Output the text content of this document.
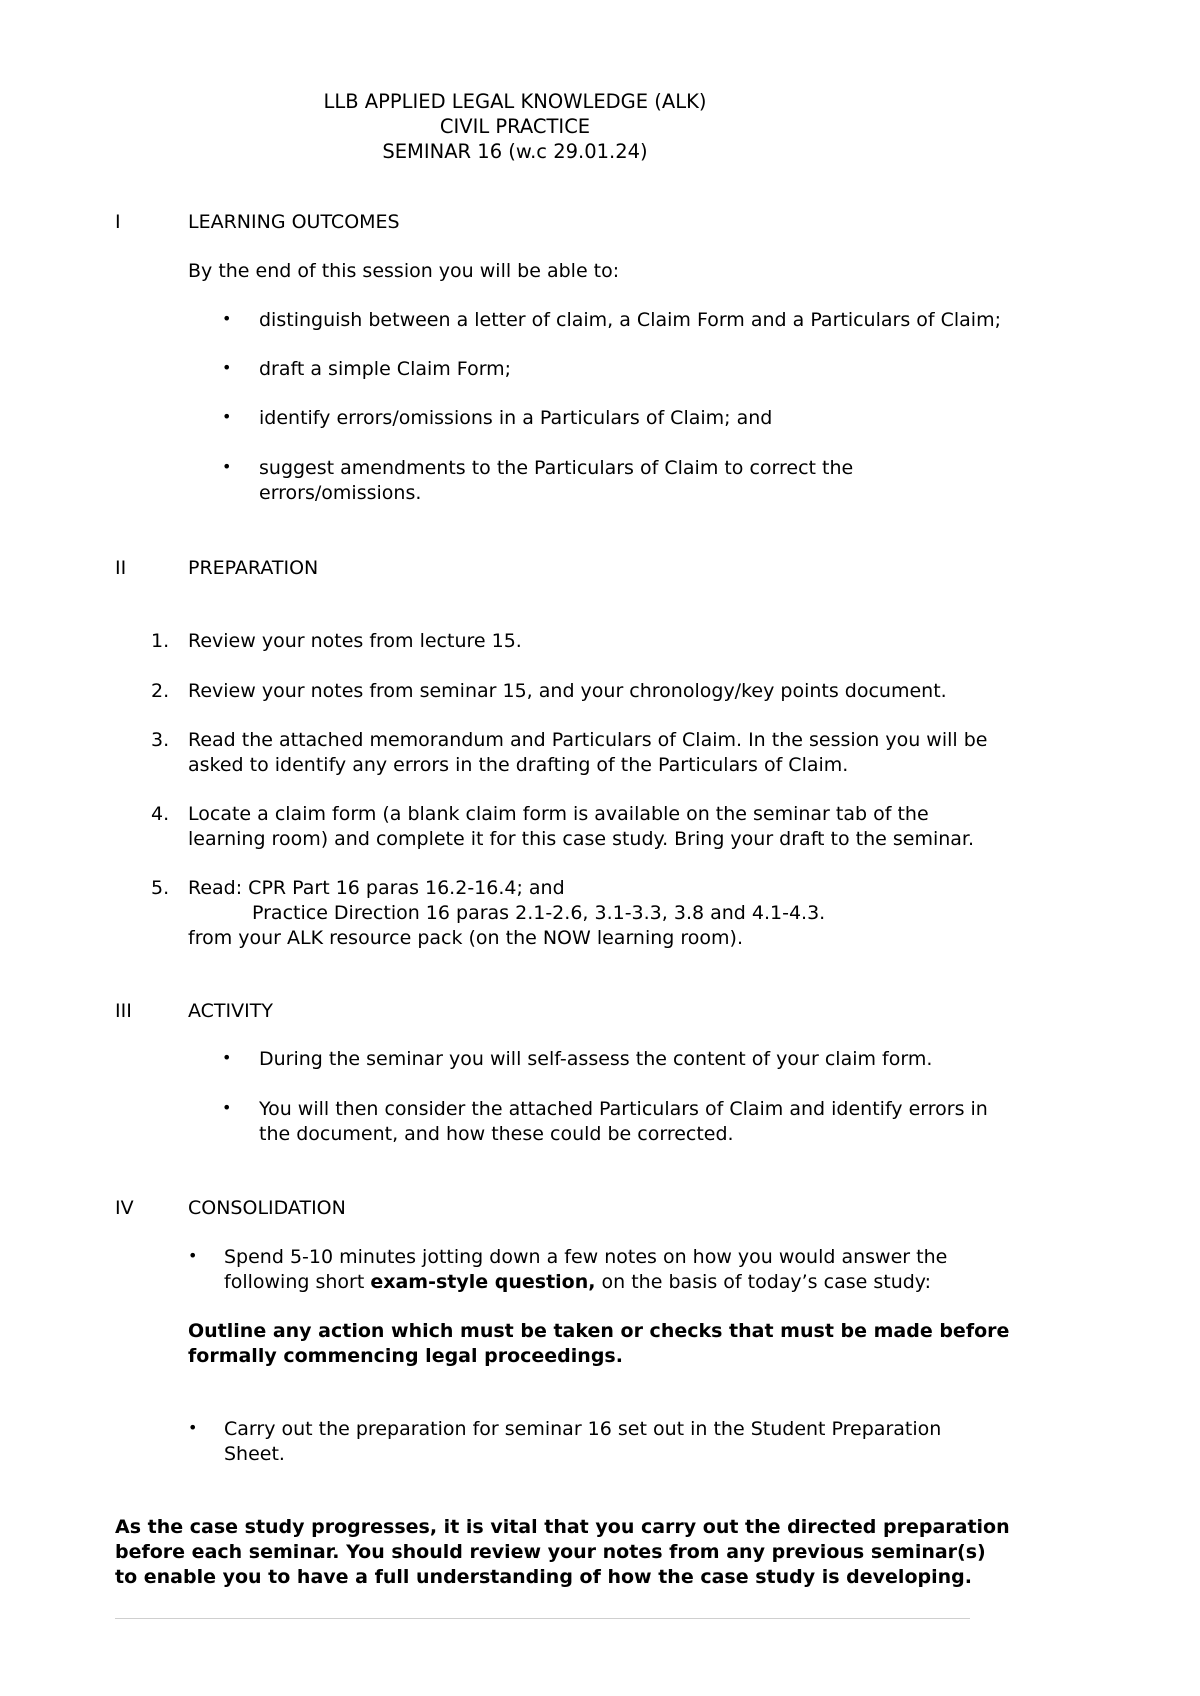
LLB APPLIED LEGAL KNOWLEDGE (ALK)
CIVIL PRACTICE
SEMINAR 16 (w.c 29.01.24)
I	LEARNING OUTCOMES
By the end of this session you will be able to:
• distinguish between a letter of claim, a Claim Form and a Particulars of Claim;
• draft a simple Claim Form;
• identify errors/omissions in a Particulars of Claim; and
• suggest amendments to the Particulars of Claim to correct the
errors/omissions.
II	PREPARATION
1. Review your notes from lecture 15.
2. Review your notes from seminar 15, and your chronology/key points document.
3. Read the attached memorandum and Particulars of Claim. In the session you will be
asked to identify any errors in the drafting of the Particulars of Claim.
4. Locate a claim form (a blank claim form is available on the seminar tab of the
learning room) and complete it for this case study. Bring your draft to the seminar.
5. Read: CPR Part 16 paras 16.2-16.4; and
Practice Direction 16 paras 2.1-2.6, 3.1-3.3, 3.8 and 4.1-4.3.
from your ALK resource pack (on the NOW learning room).
III	ACTIVITY
• During the seminar you will self-assess the content of your claim form.
• You will then consider the attached Particulars of Claim and identify errors in
the document, and how these could be corrected.
IV	CONSOLIDATION
• Spend 5-10 minutes jotting down a few notes on how you would answer the
following short exam-style question, on the basis of today’s case study:
Outline any action which must be taken or checks that must be made before
formally commencing legal proceedings.
• Carry out the preparation for seminar 16 set out in the Student Preparation
Sheet.
As the case study progresses, it is vital that you carry out the directed preparation
before each seminar. You should review your notes from any previous seminar(s)
to enable you to have a full understanding of how the case study is developing.
